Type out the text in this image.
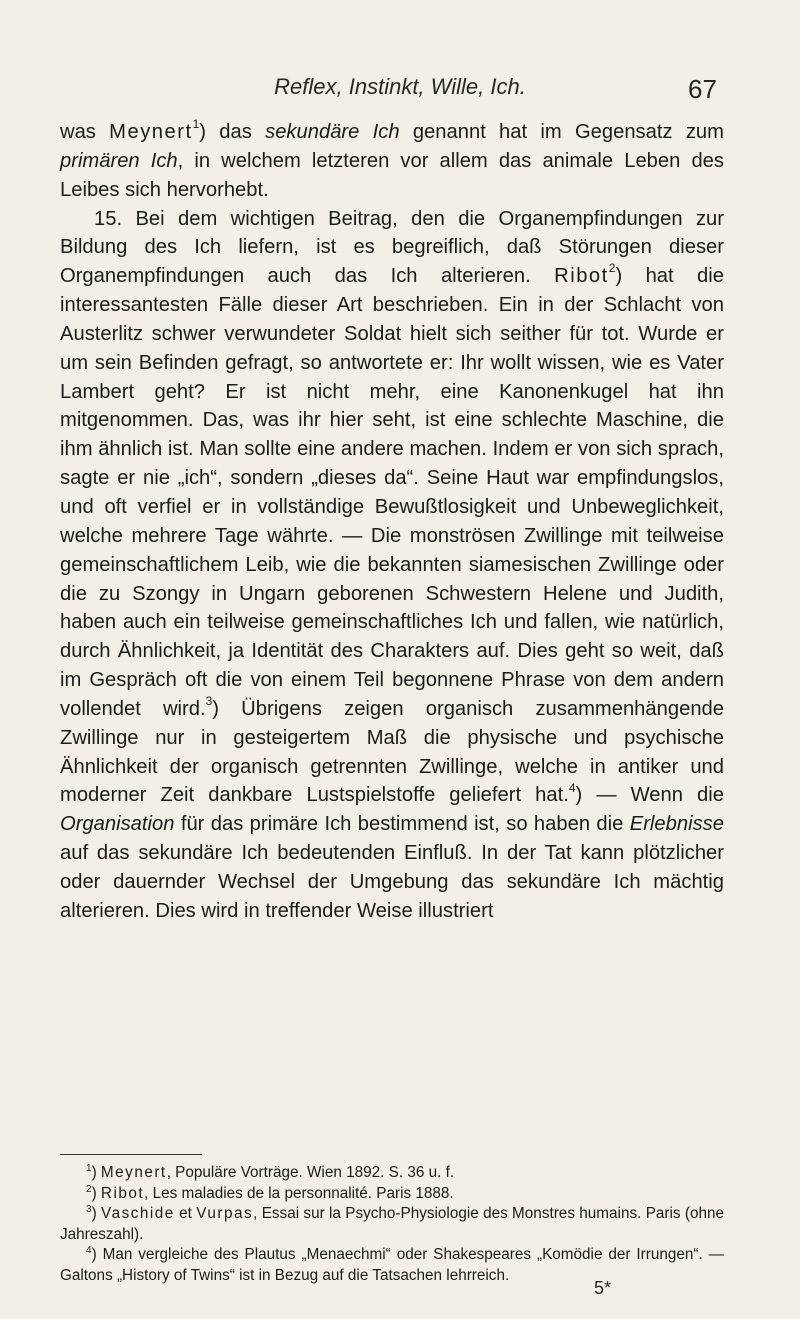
Reflex, Instinkt, Wille, Ich.	67

was Meynert$^1$) das sekundäre Ich genannt hat im Gegensatz zum primären Ich, in welchem letzteren vor allem das animale Leben des Leibes sich hervorhebt.

15. Bei dem wichtigen Beitrag, den die Organempfindungen zur Bildung des Ich liefern, ist es begreiflich, daß Störungen dieser Organempfindungen auch das Ich alterieren. Ribot$^2$) hat die interessantesten Fälle dieser Art beschrieben. Ein in der Schlacht von Austerlitz schwer verwundeter Soldat hielt sich seither für tot. Wurde er um sein Befinden gefragt, so antwortete er: Ihr wollt wissen, wie es Vater Lambert geht? Er ist nicht mehr, eine Kanonenkugel hat ihn mitgenommen. Das, was ihr hier seht, ist eine schlechte Maschine, die ihm ähnlich ist. Man sollte eine andere machen. Indem er von sich sprach, sagte er nie „ich“, sondern „dieses da“. Seine Haut war empfindungslos, und oft verfiel er in vollständige Bewußtlosigkeit und Unbeweglichkeit, welche mehrere Tage währte. — Die monströsen Zwillinge mit teilweise gemeinschaftlichem Leib, wie die bekannten siamesischen Zwillinge oder die zu Szongy in Ungarn geborenen Schwestern Helene und Judith, haben auch ein teilweise gemeinschaftliches Ich und fallen, wie natürlich, durch Ähnlichkeit, ja Identität des Charakters auf. Dies geht so weit, daß im Gespräch oft die von einem Teil begonnene Phrase von dem andern vollendet wird.$^3$) Übrigens zeigen organisch zusammenhängende Zwillinge nur in gesteigertem Maß die physische und psychische Ähnlichkeit der organisch getrennten Zwillinge, welche in antiker und moderner Zeit dankbare Lustspielstoffe geliefert hat.$^4$) — Wenn die Organisation für das primäre Ich bestimmend ist, so haben die Erlebnisse auf das sekundäre Ich bedeutenden Einfluß. In der Tat kann plötzlicher oder dauernder Wechsel der Umgebung das sekundäre Ich mächtig alterieren. Dies wird in treffender Weise illustriert

$^1$) Meynert, Populäre Vorträge. Wien 1892. S. 36 u. f.

$^2$) Ribot, Les maladies de la personnalité. Paris 1888.

$^3$) Vaschide et Vurpas, Essai sur la Psycho-Physiologie des Monstres humains. Paris (ohne Jahreszahl).

$^4$) Man vergleiche des Plautus „Menaechmi“ oder Shakespeares „Komödie der Irrungen“. — Galtons „History of Twins“ ist in Bezug auf die Tatsachen lehrreich.

5*
